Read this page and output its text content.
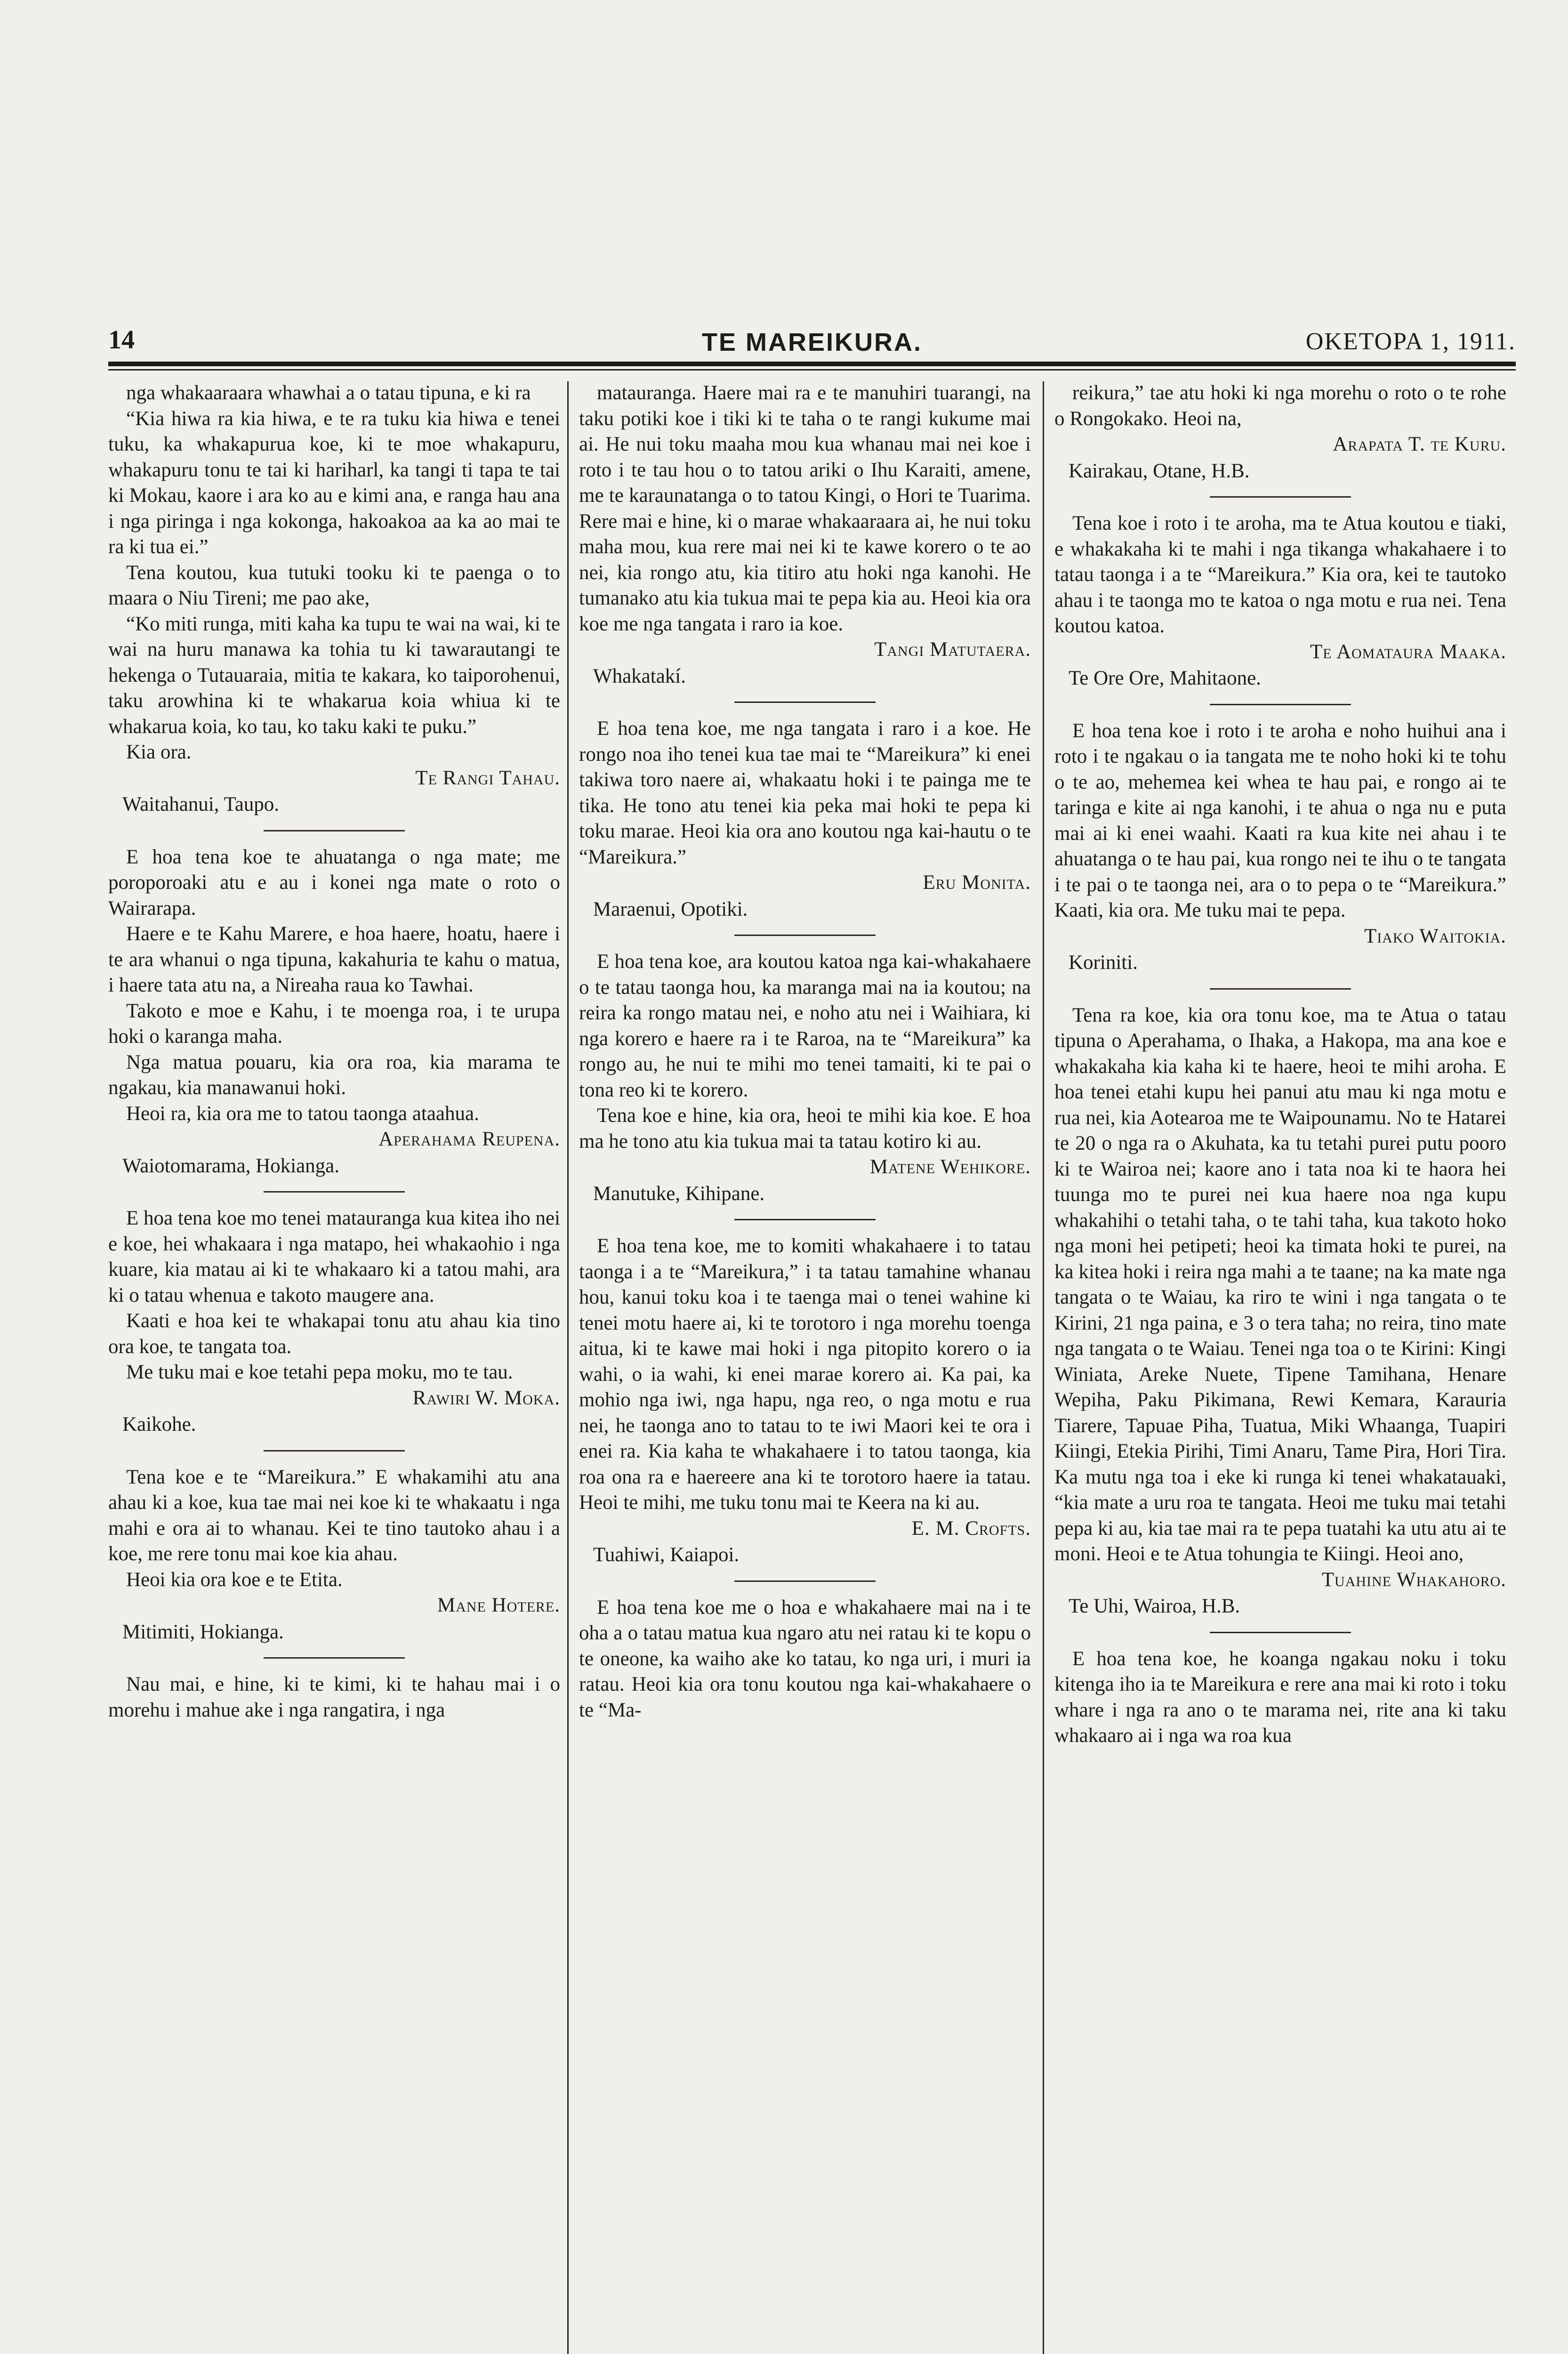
14	TE MAREIKURA.	OKETOPA 1, 1911.

nga whakaaraara whawhai a o tatau tipuna, e ki ra

“Kia hiwa ra kia hiwa, e te ra tuku kia hiwa e tenei tuku, ka whakapurua koe, ki te moe whakapuru, whakapuru tonu te tai ki hariharl, ka tangi ti tapa te tai ki Mokau, kaore i ara ko au e kimi ana, e ranga hau ana i nga piringa i nga kokonga, hakoakoa aa ka ao mai te ra ki tua ei.”

Tena koutou, kua tutuki tooku ki te paenga o to maara o Niu Tireni; me pao ake,

“Ko miti runga, miti kaha ka tupu te wai na wai, ki te wai na huru manawa ka tohia tu ki tawarautangi te hekenga o Tutauaraia, mitia te kakara, ko taiporohenui, taku arowhina ki te whakarua koia whiua ki te whakarua koia, ko tau, ko taku kaki te puku.”

Kia ora.

Te Rangi Tahau.

Waitahanui, Taupo.

E hoa tena koe te ahuatanga o nga mate; me poroporoaki atu e au i konei nga mate o roto o Wairarapa.

Haere e te Kahu Marere, e hoa haere, hoatu, haere i te ara whanui o nga tipuna, kakahuria te kahu o matua, i haere tata atu na, a Nireaha raua ko Tawhai.

Takoto e moe e Kahu, i te moenga roa, i te urupa hoki o karanga maha.

Nga matua pouaru, kia ora roa, kia marama te ngakau, kia manawanui hoki.

Heoi ra, kia ora me to tatou taonga ataahua.

Aperahama Reupena.

Waiotomarama, Hokianga.

E hoa tena koe mo tenei matauranga kua kitea iho nei e koe, hei whakaara i nga matapo, hei whakaohio i nga kuare, kia matau ai ki te whakaaro ki a tatou mahi, ara ki o tatau whenua e takoto maugere ana.

Kaati e hoa kei te whakapai tonu atu ahau kia tino ora koe, te tangata toa.

Me tuku mai e koe tetahi pepa moku, mo te tau.

Rawiri W. Moka.

Kaikohe.

Tena koe e te “Mareikura.” E whakamihi atu ana ahau ki a koe, kua tae mai nei koe ki te whakaatu i nga mahi e ora ai to whanau. Kei te tino tautoko ahau i a koe, me rere tonu mai koe kia ahau.

Heoi kia ora koe e te Etita.

Mane Hotere.

Mitimiti, Hokianga.

Nau mai, e hine, ki te kimi, ki te hahau mai i o morehu i mahue ake i nga rangatira, i nga

matauranga. Haere mai ra e te manuhiri tuarangi, na taku potiki koe i tiki ki te taha o te rangi kukume mai ai. He nui toku maaha mou kua whanau mai nei koe i roto i te tau hou o to tatou ariki o Ihu Karaiti, amene, me te karaunatanga o to tatou Kingi, o Hori te Tuarima. Rere mai e hine, ki o marae whakaaraara ai, he nui toku maha mou, kua rere mai nei ki te kawe korero o te ao nei, kia rongo atu, kia titiro atu hoki nga kanohi. He tumanako atu kia tukua mai te pepa kia au. Heoi kia ora koe me nga tangata i raro ia koe.

Tangi Matutaera.

Whakatakí.

E hoa tena koe, me nga tangata i raro i a koe. He rongo noa iho tenei kua tae mai te “Mareikura” ki enei takiwa toro naere ai, whakaatu hoki i te painga me te tika. He tono atu tenei kia peka mai hoki te pepa ki toku marae. Heoi kia ora ano koutou nga kai-hautu o te “Mareikura.”

Eru Monita.

Maraenui, Opotiki.

E hoa tena koe, ara koutou katoa nga kai-whakahaere o te tatau taonga hou, ka maranga mai na ia koutou; na reira ka rongo matau nei, e noho atu nei i Waihiara, ki nga korero e haere ra i te Raroa, na te “Mareikura” ka rongo au, he nui te mihi mo tenei tamaiti, ki te pai o tona reo ki te korero.

Tena koe e hine, kia ora, heoi te mihi kia koe. E hoa ma he tono atu kia tukua mai ta tatau kotiro ki au.

Matene Wehikore.

Manutuke, Kihipane.

E hoa tena koe, me to komiti whakahaere i to tatau taonga i a te “Mareikura,” i ta tatau tamahine whanau hou, kanui toku koa i te taenga mai o tenei wahine ki tenei motu haere ai, ki te torotoro i nga morehu toenga aitua, ki te kawe mai hoki i nga pitopito korero o ia wahi, o ia wahi, ki enei marae korero ai. Ka pai, ka mohio nga iwi, nga hapu, nga reo, o nga motu e rua nei, he taonga ano to tatau to te iwi Maori kei te ora i enei ra. Kia kaha te whakahaere i to tatou taonga, kia roa ona ra e haereere ana ki te torotoro haere ia tatau. Heoi te mihi, me tuku tonu mai te Keera na ki au.

E. M. Crofts.

Tuahiwi, Kaiapoi.

E hoa tena koe me o hoa e whakahaere mai na i te oha a o tatau matua kua ngaro atu nei ratau ki te kopu o te oneone, ka waiho ake ko tatau, ko nga uri, i muri ia ratau. Heoi kia ora tonu koutou nga kai-whakahaere o te “Ma-

reikura,” tae atu hoki ki nga morehu o roto o te rohe o Rongokako. Heoi na,

Arapata T. te Kuru.

Kairakau, Otane, H.B.

Tena koe i roto i te aroha, ma te Atua koutou e tiaki, e whakakaha ki te mahi i nga tikanga whakahaere i to tatau taonga i a te “Mareikura.” Kia ora, kei te tautoko ahau i te taonga mo te katoa o nga motu e rua nei. Tena koutou katoa.

Te Aomataura Maaka.

Te Ore Ore, Mahitaone.

E hoa tena koe i roto i te aroha e noho huihui ana i roto i te ngakau o ia tangata me te noho hoki ki te tohu o te ao, mehemea kei whea te hau pai, e rongo ai te taringa e kite ai nga kanohi, i te ahua o nga nu e puta mai ai ki enei waahi. Kaati ra kua kite nei ahau i te ahuatanga o te hau pai, kua rongo nei te ihu o te tangata i te pai o te taonga nei, ara o to pepa o te “Mareikura.” Kaati, kia ora. Me tuku mai te pepa.

Tiako Waitokia.

Koriniti.

Tena ra koe, kia ora tonu koe, ma te Atua o tatau tipuna o Aperahama, o Ihaka, a Hakopa, ma ana koe e whakakaha kia kaha ki te haere, heoi te mihi aroha. E hoa tenei etahi kupu hei panui atu mau ki nga motu e rua nei, kia Aotearoa me te Waipounamu. No te Hatarei te 20 o nga ra o Akuhata, ka tu tetahi purei putu pooro ki te Wairoa nei; kaore ano i tata noa ki te haora hei tuunga mo te purei nei kua haere noa nga kupu whakahihi o tetahi taha, o te tahi taha, kua takoto hoko nga moni hei petipeti; heoi ka timata hoki te purei, na ka kitea hoki i reira nga mahi a te taane; na ka mate nga tangata o te Waiau, ka riro te wini i nga tangata o te Kirini, 21 nga paina, e 3 o tera taha; no reira, tino mate nga tangata o te Waiau. Tenei nga toa o te Kirini: Kingi Winiata, Areke Nuete, Tipene Tamihana, Henare Wepiha, Paku Pikimana, Rewi Kemara, Karauria Tiarere, Tapuae Piha, Tuatua, Miki Whaanga, Tuapiri Kiingi, Etekia Pirihi, Timi Anaru, Tame Pira, Hori Tira. Ka mutu nga toa i eke ki runga ki tenei whakatauaki, “kia mate a uru roa te tangata. Heoi me tuku mai tetahi pepa ki au, kia tae mai ra te pepa tuatahi ka utu atu ai te moni. Heoi e te Atua tohungia te Kiingi. Heoi ano,

Tuahine Whakahoro.

Te Uhi, Wairoa, H.B.

E hoa tena koe, he koanga ngakau noku i toku kitenga iho ia te Mareikura e rere ana mai ki roto i toku whare i nga ra ano o te marama nei, rite ana ki taku whakaaro ai i nga wa roa kua
